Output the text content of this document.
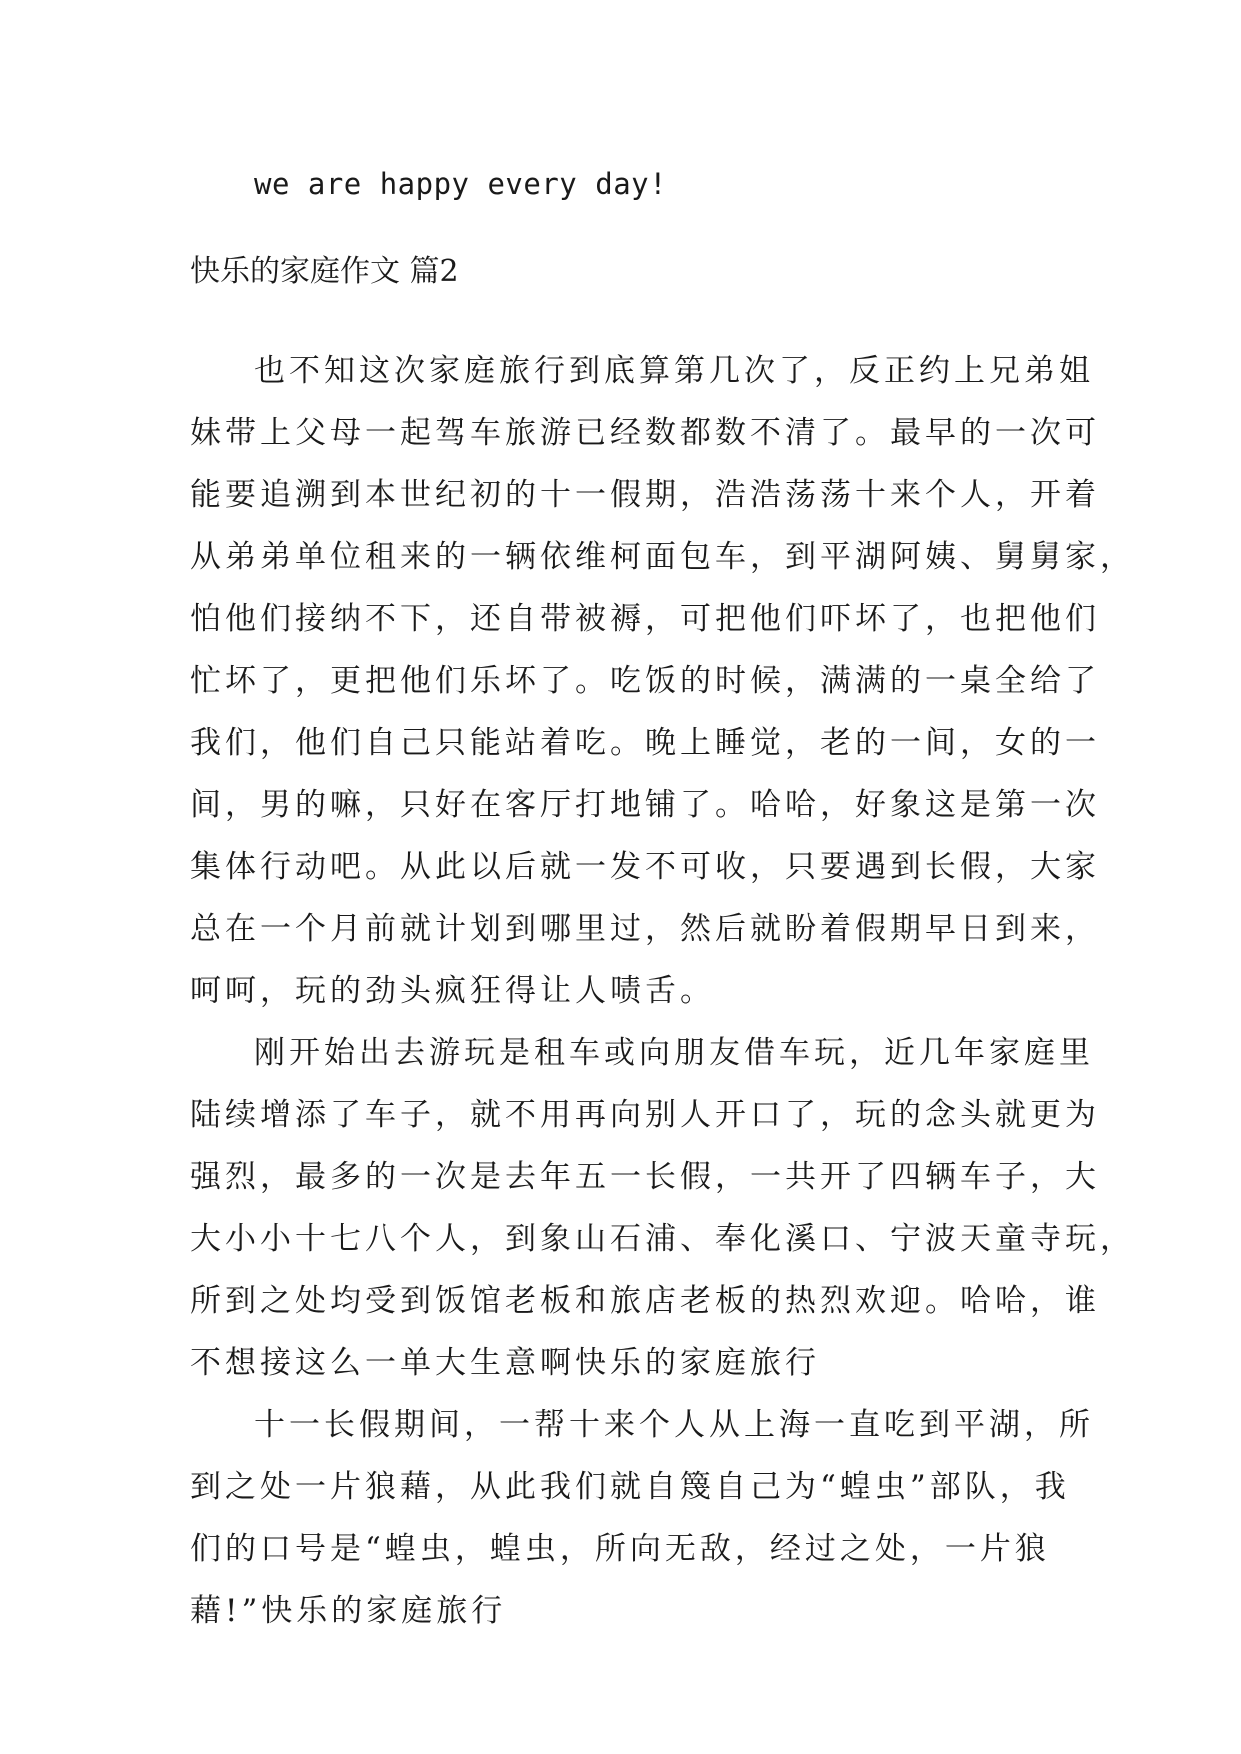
we are happy every day!
快乐的家庭作文 篇2
也不知这次家庭旅行到底算第几次了，反正约上兄弟姐
妹带上父母一起驾车旅游已经数都数不清了。最早的一次可
能要追溯到本世纪初的十一假期，浩浩荡荡十来个人，开着
从弟弟单位租来的一辆依维柯面包车，到平湖阿姨、舅舅家，
怕他们接纳不下，还自带被褥，可把他们吓坏了，也把他们
忙坏了，更把他们乐坏了。吃饭的时候，满满的一桌全给了
我们，他们自己只能站着吃。晚上睡觉，老的一间，女的一
间，男的嘛，只好在客厅打地铺了。哈哈，好象这是第一次
集体行动吧。从此以后就一发不可收，只要遇到长假，大家
总在一个月前就计划到哪里过，然后就盼着假期早日到来，
呵呵，玩的劲头疯狂得让人啧舌。
刚开始出去游玩是租车或向朋友借车玩，近几年家庭里
陆续增添了车子，就不用再向别人开口了，玩的念头就更为
强烈，最多的一次是去年五一长假，一共开了四辆车子，大
大小小十七八个人，到象山石浦、奉化溪口、宁波天童寺玩，
所到之处均受到饭馆老板和旅店老板的热烈欢迎。哈哈，谁
不想接这么一单大生意啊快乐的家庭旅行
十一长假期间，一帮十来个人从上海一直吃到平湖，所
到之处一片狼藉，从此我们就自篾自己为“蝗虫”部队，我
们的口号是“蝗虫，蝗虫，所向无敌，经过之处，一片狼
藉!”快乐的家庭旅行
